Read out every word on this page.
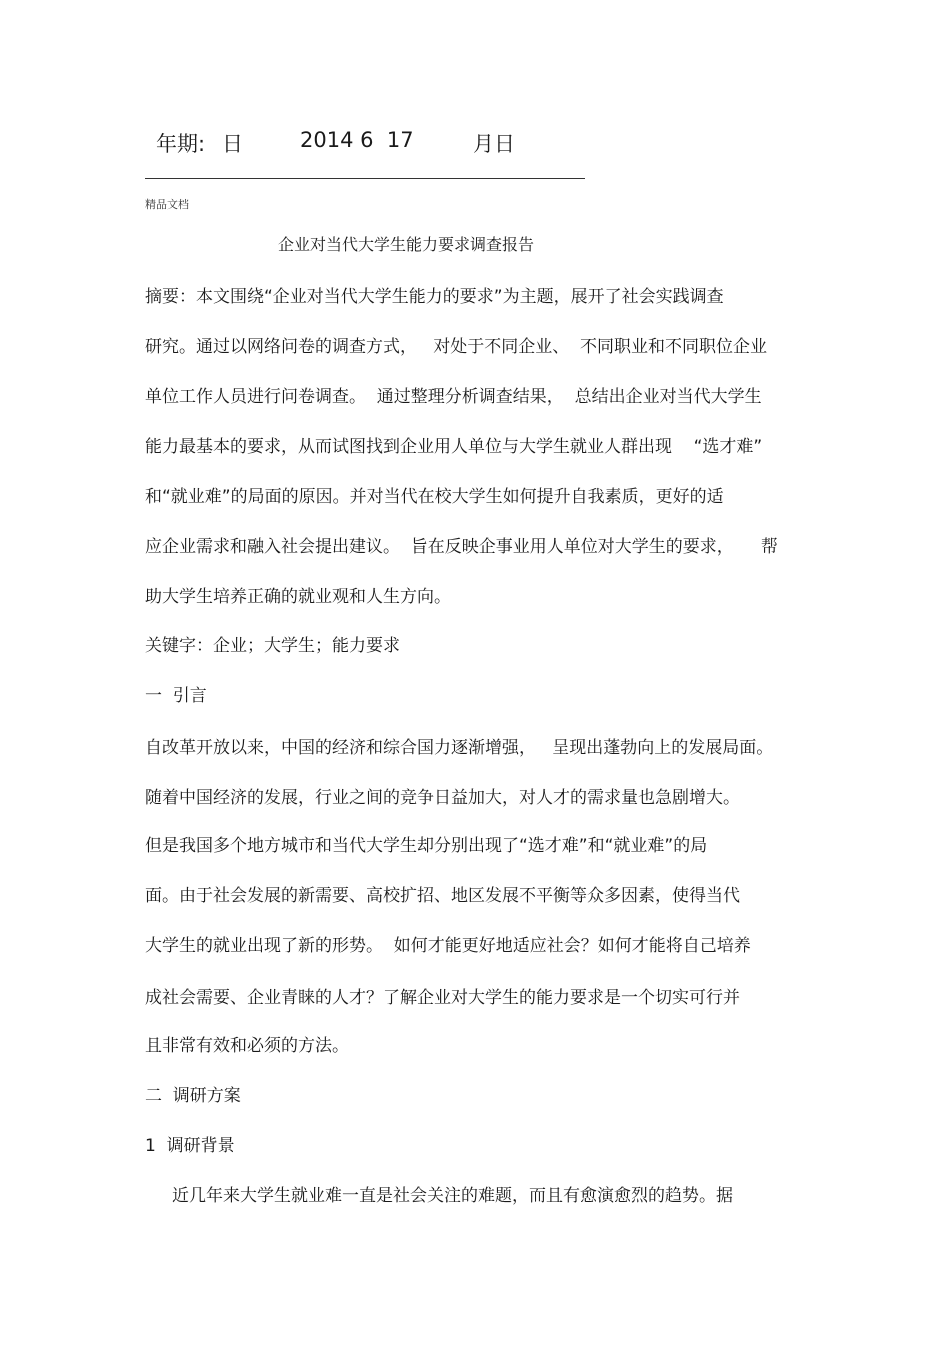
年期: 日	2014 6  17	月日
精品文档
企业对当代大学生能力要求调查报告
摘要：本文围绕“企业对当代大学生能力的要求”为主题，展开了社会实践调查
研究。通过以网络问卷的调查方式，   对处于不同企业、  不同职业和不同职位企业
单位工作人员进行问卷调查。  通过整理分析调查结果，  总结出企业对当代大学生
能力最基本的要求，从而试图找到企业用人单位与大学生就业人群出现    “选才难”
和“就业难”的局面的原因。并对当代在校大学生如何提升自我素质，更好的适
应企业需求和融入社会提出建议。  旨在反映企事业用人单位对大学生的要求，     帮
助大学生培养正确的就业观和人生方向。
关键字：企业；大学生；能力要求
一  引言
自改革开放以来，中国的经济和综合国力逐渐增强，   呈现出蓬勃向上的发展局面。
随着中国经济的发展，行业之间的竞争日益加大，对人才的需求量也急剧增大。
但是我国多个地方城市和当代大学生却分别出现了“选才难”和“就业难”的局
面。由于社会发展的新需要、高校扩招、地区发展不平衡等众多因素，使得当代
大学生的就业出现了新的形势。  如何才能更好地适应社会？如何才能将自己培养
成社会需要、企业青睐的人才？了解企业对大学生的能力要求是一个切实可行并
且非常有效和必须的方法。
二  调研方案
1  调研背景
近几年来大学生就业难一直是社会关注的难题，而且有愈演愈烈的趋势。据
